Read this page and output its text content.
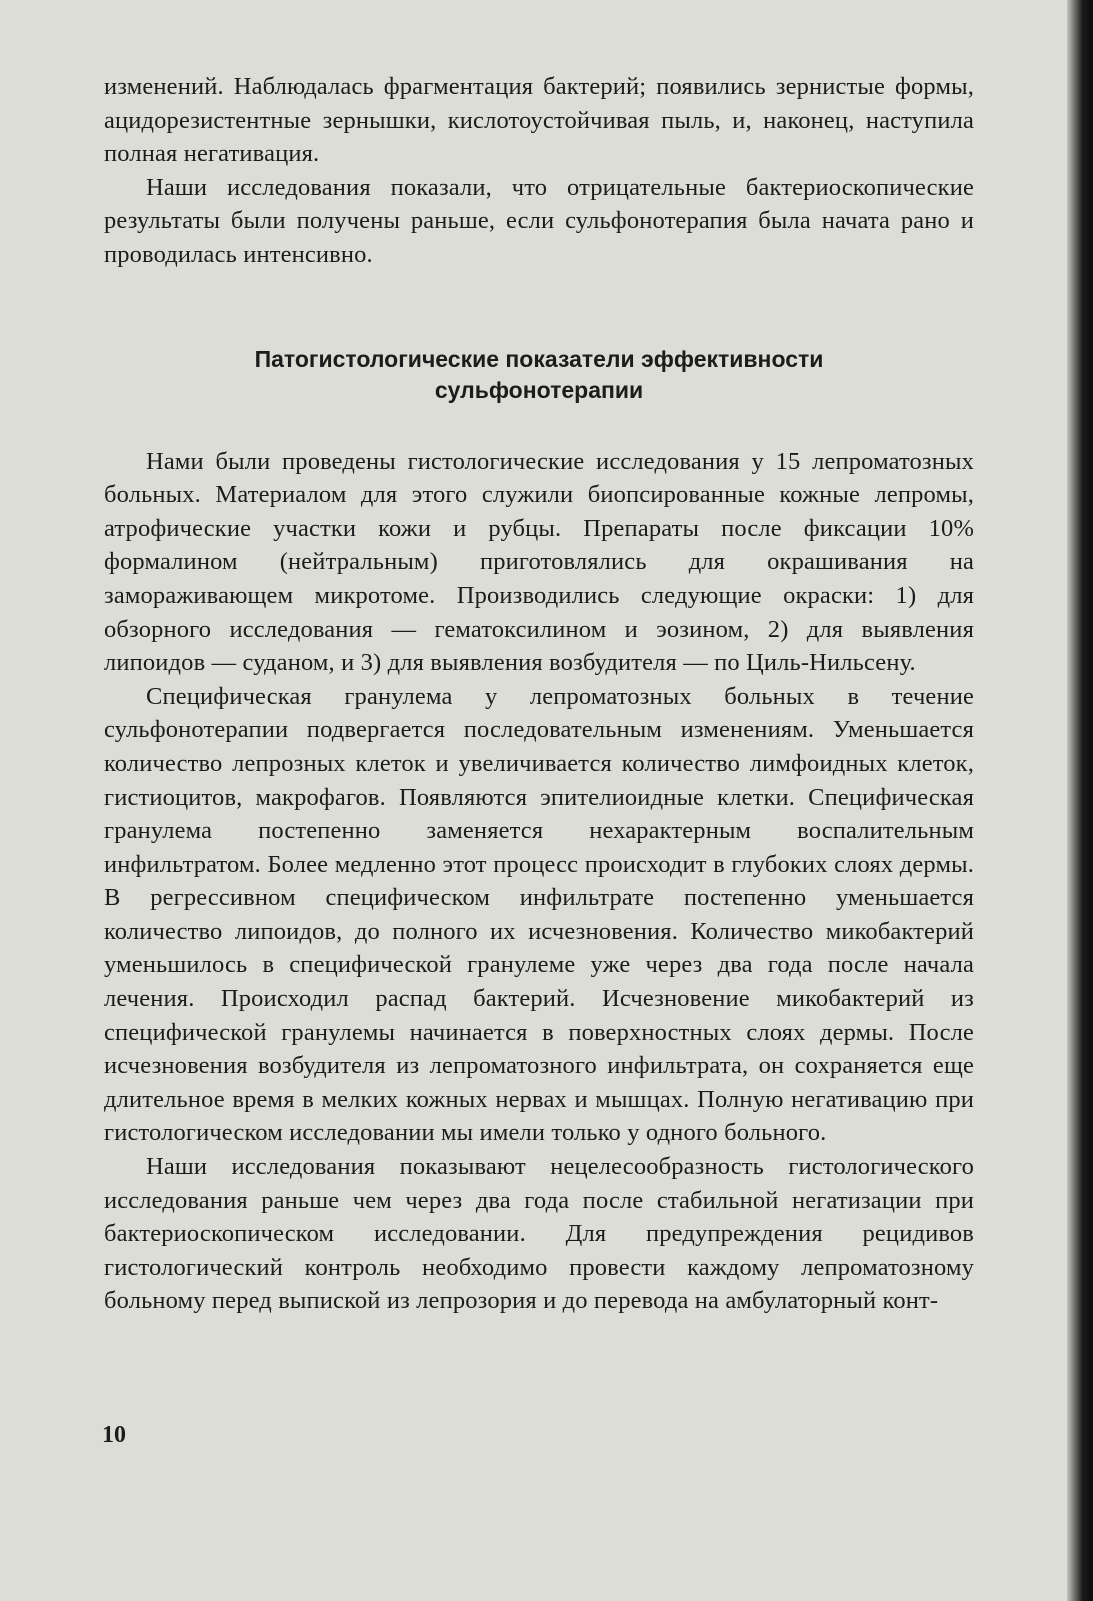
изменений. Наблюдалась фрагментация бактерий; появились зернистые формы, ацидорезистентные зернышки, кислотоустойчивая пыль, и, наконец, наступила полная негативация.

Наши исследования показали, что отрицательные бактериоскопические результаты были получены раньше, если сульфонотерапия была начата рано и проводилась интенсивно.

Патогистологические показатели эффективности
сульфонотерапии

Нами были проведены гистологические исследования у 15 лепроматозных больных. Материалом для этого служили биопсированные кожные лепромы, атрофические участки кожи и рубцы. Препараты после фиксации 10% формалином (нейтральным) приготовлялись для окрашивания на замораживающем микротоме. Производились следующие окраски: 1) для обзорного исследования — гематоксилином и эозином, 2) для выявления липоидов — суданом, и 3) для выявления возбудителя — по Циль-Нильсену.

Специфическая гранулема у лепроматозных больных в течение сульфонотерапии подвергается последовательным изменениям. Уменьшается количество лепрозных клеток и увеличивается количество лимфоидных клеток, гистиоцитов, макрофагов. Появляются эпителиоидные клетки. Специфическая гранулема постепенно заменяется нехарактерным воспалительным инфильтратом. Более медленно этот процесс происходит в глубоких слоях дермы. В регрессивном специфическом инфильтрате постепенно уменьшается количество липоидов, до полного их исчезновения. Количество микобактерий уменьшилось в специфической гранулеме уже через два года после начала лечения. Происходил распад бактерий. Исчезновение микобактерий из специфической гранулемы начинается в поверхностных слоях дермы. После исчезновения возбудителя из лепроматозного инфильтрата, он сохраняется еще длительное время в мелких кожных нервах и мышцах. Полную негативацию при гистологическом исследовании мы имели только у одного больного.

Наши исследования показывают нецелесообразность гистологического исследования раньше чем через два года после стабильной негатизации при бактериоскопическом исследовании. Для предупреждения рецидивов гистологический контроль необходимо провести каждому лепроматозному больному перед выпиской из лепрозория и до перевода на амбулаторный конт-

10
